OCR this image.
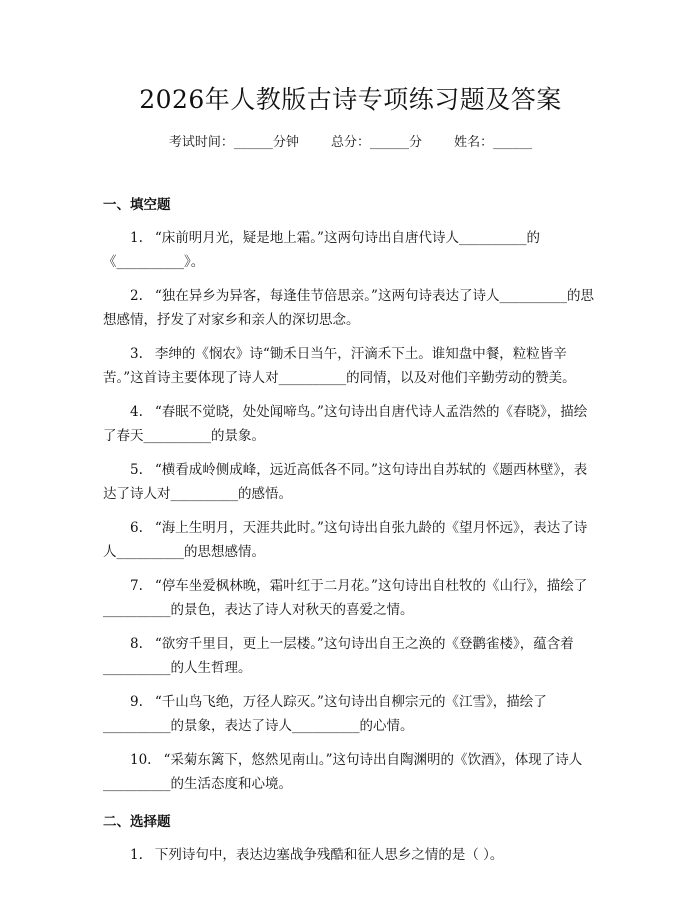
2026年人教版古诗专项练习题及答案
考试时间：______分钟 总分：______分 姓名：______
一、填空题

1. “床前明月光，疑是地上霜。”这两句诗出自唐代诗人__________的《__________》。

2. “独在异乡为异客，每逢佳节倍思亲。”这两句诗表达了诗人__________的思想感情，抒发了对家乡和亲人的深切思念。

3. 李绅的《悯农》诗“锄禾日当午，汗滴禾下土。谁知盘中餐，粒粒皆辛苦。”这首诗主要体现了诗人对__________的同情，以及对他们辛勤劳动的赞美。

4. “春眠不觉晓，处处闻啼鸟。”这句诗出自唐代诗人孟浩然的《春晓》，描绘了春天__________的景象。

5. “横看成岭侧成峰，远近高低各不同。”这句诗出自苏轼的《题西林壁》，表达了诗人对__________的感悟。

6. “海上生明月，天涯共此时。”这句诗出自张九龄的《望月怀远》，表达了诗人__________的思想感情。

7. “停车坐爱枫林晚，霜叶红于二月花。”这句诗出自杜牧的《山行》，描绘了__________的景色，表达了诗人对秋天的喜爱之情。

8. “欲穷千里目，更上一层楼。”这句诗出自王之涣的《登鹳雀楼》，蕴含着__________的人生哲理。

9. “千山鸟飞绝，万径人踪灭。”这句诗出自柳宗元的《江雪》，描绘了__________的景象，表达了诗人__________的心情。

10. “采菊东篱下，悠然见南山。”这句诗出自陶渊明的《饮酒》，体现了诗人__________的生活态度和心境。

二、选择题

1. 下列诗句中，表达边塞战争残酷和征人思乡之情的是（ ）。
